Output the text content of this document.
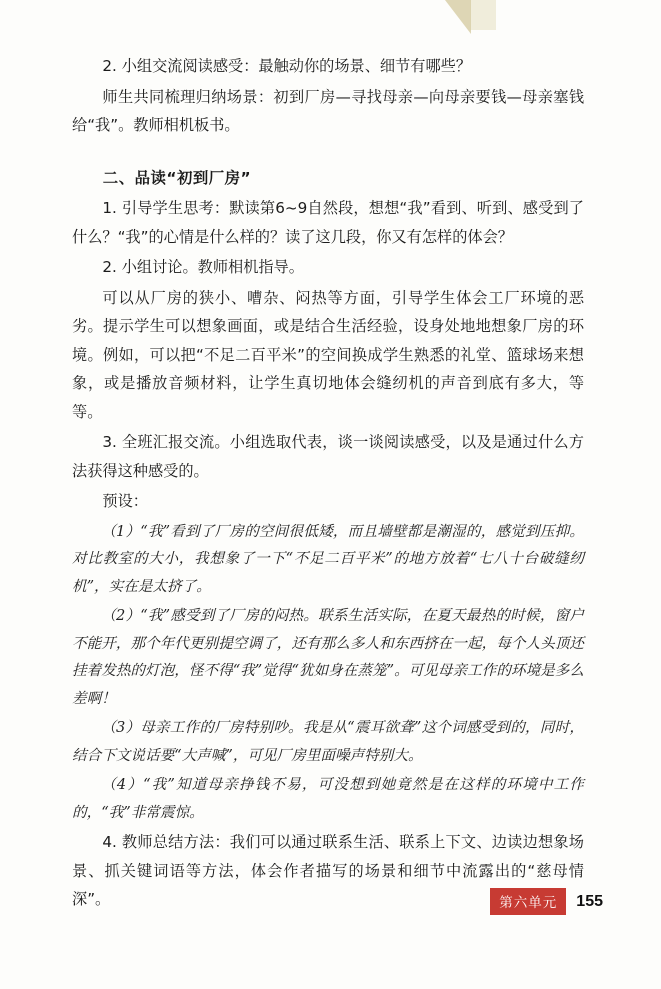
2. 小组交流阅读感受：最触动你的场景、细节有哪些？

师生共同梳理归纳场景：初到厂房—寻找母亲—向母亲要钱—母亲塞钱给“我”。教师相机板书。

二、品读“初到厂房”

1. 引导学生思考：默读第6~9自然段，想想“我”看到、听到、感受到了什么？“我”的心情是什么样的？读了这几段，你又有怎样的体会？

2. 小组讨论。教师相机指导。

可以从厂房的狭小、嘈杂、闷热等方面，引导学生体会工厂环境的恶劣。提示学生可以想象画面，或是结合生活经验，设身处地地想象厂房的环境。例如，可以把“不足二百平米”的空间换成学生熟悉的礼堂、篮球场来想象，或是播放音频材料，让学生真切地体会缝纫机的声音到底有多大，等等。

3. 全班汇报交流。小组选取代表，谈一谈阅读感受，以及是通过什么方法获得这种感受的。

预设：

（1）“我”看到了厂房的空间很低矮，而且墙壁都是潮湿的，感觉到压抑。对比教室的大小，我想象了一下“不足二百平米”的地方放着“七八十台破缝纫机”，实在是太挤了。

（2）“我”感受到了厂房的闷热。联系生活实际，在夏天最热的时候，窗户不能开，那个年代更别提空调了，还有那么多人和东西挤在一起，每个人头顶还挂着发热的灯泡，怪不得“我”觉得“犹如身在蒸笼”。可见母亲工作的环境是多么差啊！

（3）母亲工作的厂房特别吵。我是从“震耳欲聋”这个词感受到的，同时，结合下文说话要“大声喊”，可见厂房里面噪声特别大。

（4）“我”知道母亲挣钱不易，可没想到她竟然是在这样的环境中工作的，“我”非常震惊。

4. 教师总结方法：我们可以通过联系生活、联系上下文、边读边想象场景、抓关键词语等方法，体会作者描写的场景和细节中流露出的“慈母情深”。	第六单元	155
